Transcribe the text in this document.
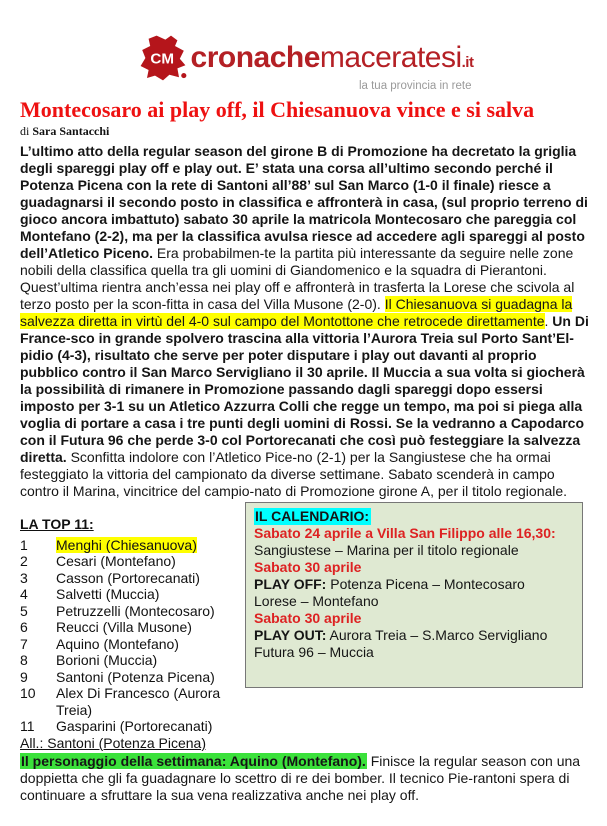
CM cronachemaceratesi.it
la tua provincia in rete
Montecosaro ai play off, il Chiesanuova vince e si salva
di Sara Santacchi

L’ultimo atto della regular season del girone B di Promozione ha decretato la griglia degli spareggi play off e play out. E’ stata una corsa all’ultimo secondo perché il Potenza Picena con la rete di Santoni all’88’ sul San Marco (1-0 il finale) riesce a guadagnarsi il secondo posto in classifica e affronterà in casa, (sul proprio terreno di gioco ancora imbattuto) sabato 30 aprile la matricola Montecosaro che pareggia col Montefano (2-2), ma per la classifica avulsa riesce ad accedere agli spareggi al posto dell’Atletico Piceno. Era probabilmen-te la partita più interessante da seguire nelle zone nobili della classifica quella tra gli uomini di Giandomenico e la squadra di Pierantoni. Quest’ultima rientra anch’essa nei play off e affronterà in trasferta la Lorese che scivola al terzo posto per la scon-fitta in casa del Villa Musone (2-0). Il Chiesanuova si guadagna la salvezza diretta in virtù del 4-0 sul campo del Montottone che retrocede direttamente. Un Di France-sco in grande spolvero trascina alla vittoria l’Aurora Treia sul Porto Sant’El-pidio (4-3), risultato che serve per poter disputare i play out davanti al proprio pubblico contro il San Marco Servigliano il 30 aprile. Il Muccia a sua volta si giocherà la possibilità di rimanere in Promozione passando dagli spareggi dopo essersi imposto per 3-1 su un Atletico Azzurra Colli che regge un tempo, ma poi si piega alla voglia di portare a casa i tre punti degli uomini di Rossi. Se la vedranno a Capodarco con il Futura 96 che perde 3-0 col Portorecanati che così può festeggiare la salvezza diretta. Sconfitta indolore con l’Atletico Pice-no (2-1) per la Sangiustese che ha ormai festeggiato la vittoria del campionato da diverse settimane. Sabato scenderà in campo contro il Marina, vincitrice del campio-nato di
IL CALENDARIO:
Sabato 24 aprile a Villa San Filippo alle 16,30:
Sangiustese – Marina per il titolo regionale
Sabato 30 aprile
PLAY OFF: Potenza Picena – Montecosaro
Lorese – Montefano
Sabato 30 aprile
PLAY OUT: Aurora Treia – S.Marco Servigliano
Futura 96 – Muccia
Promozione girone A, per il titolo regionale.

LA TOP 11:
1	Menghi (Chiesanuova)
2	Cesari (Montefano)
3	Casson (Portorecanati)
4	Salvetti (Muccia)
5	Petruzzelli (Montecosaro)
6	Reucci (Villa Musone)
7	Aquino (Montefano)
8	Borioni (Muccia)
9	Santoni (Potenza Picena)
10	Alex Di Francesco (Aurora Treia)
11	Gasparini (Portorecanati)
All.: Santoni (Potenza Picena)

Il personaggio della settimana: Aquino (Montefano). Finisce la regular season con una doppietta che gli fa guadagnare lo scettro di re dei bomber. Il tecnico Pie-rantoni spera di continuare a sfruttare la sua vena realizzativa anche nei play off.
